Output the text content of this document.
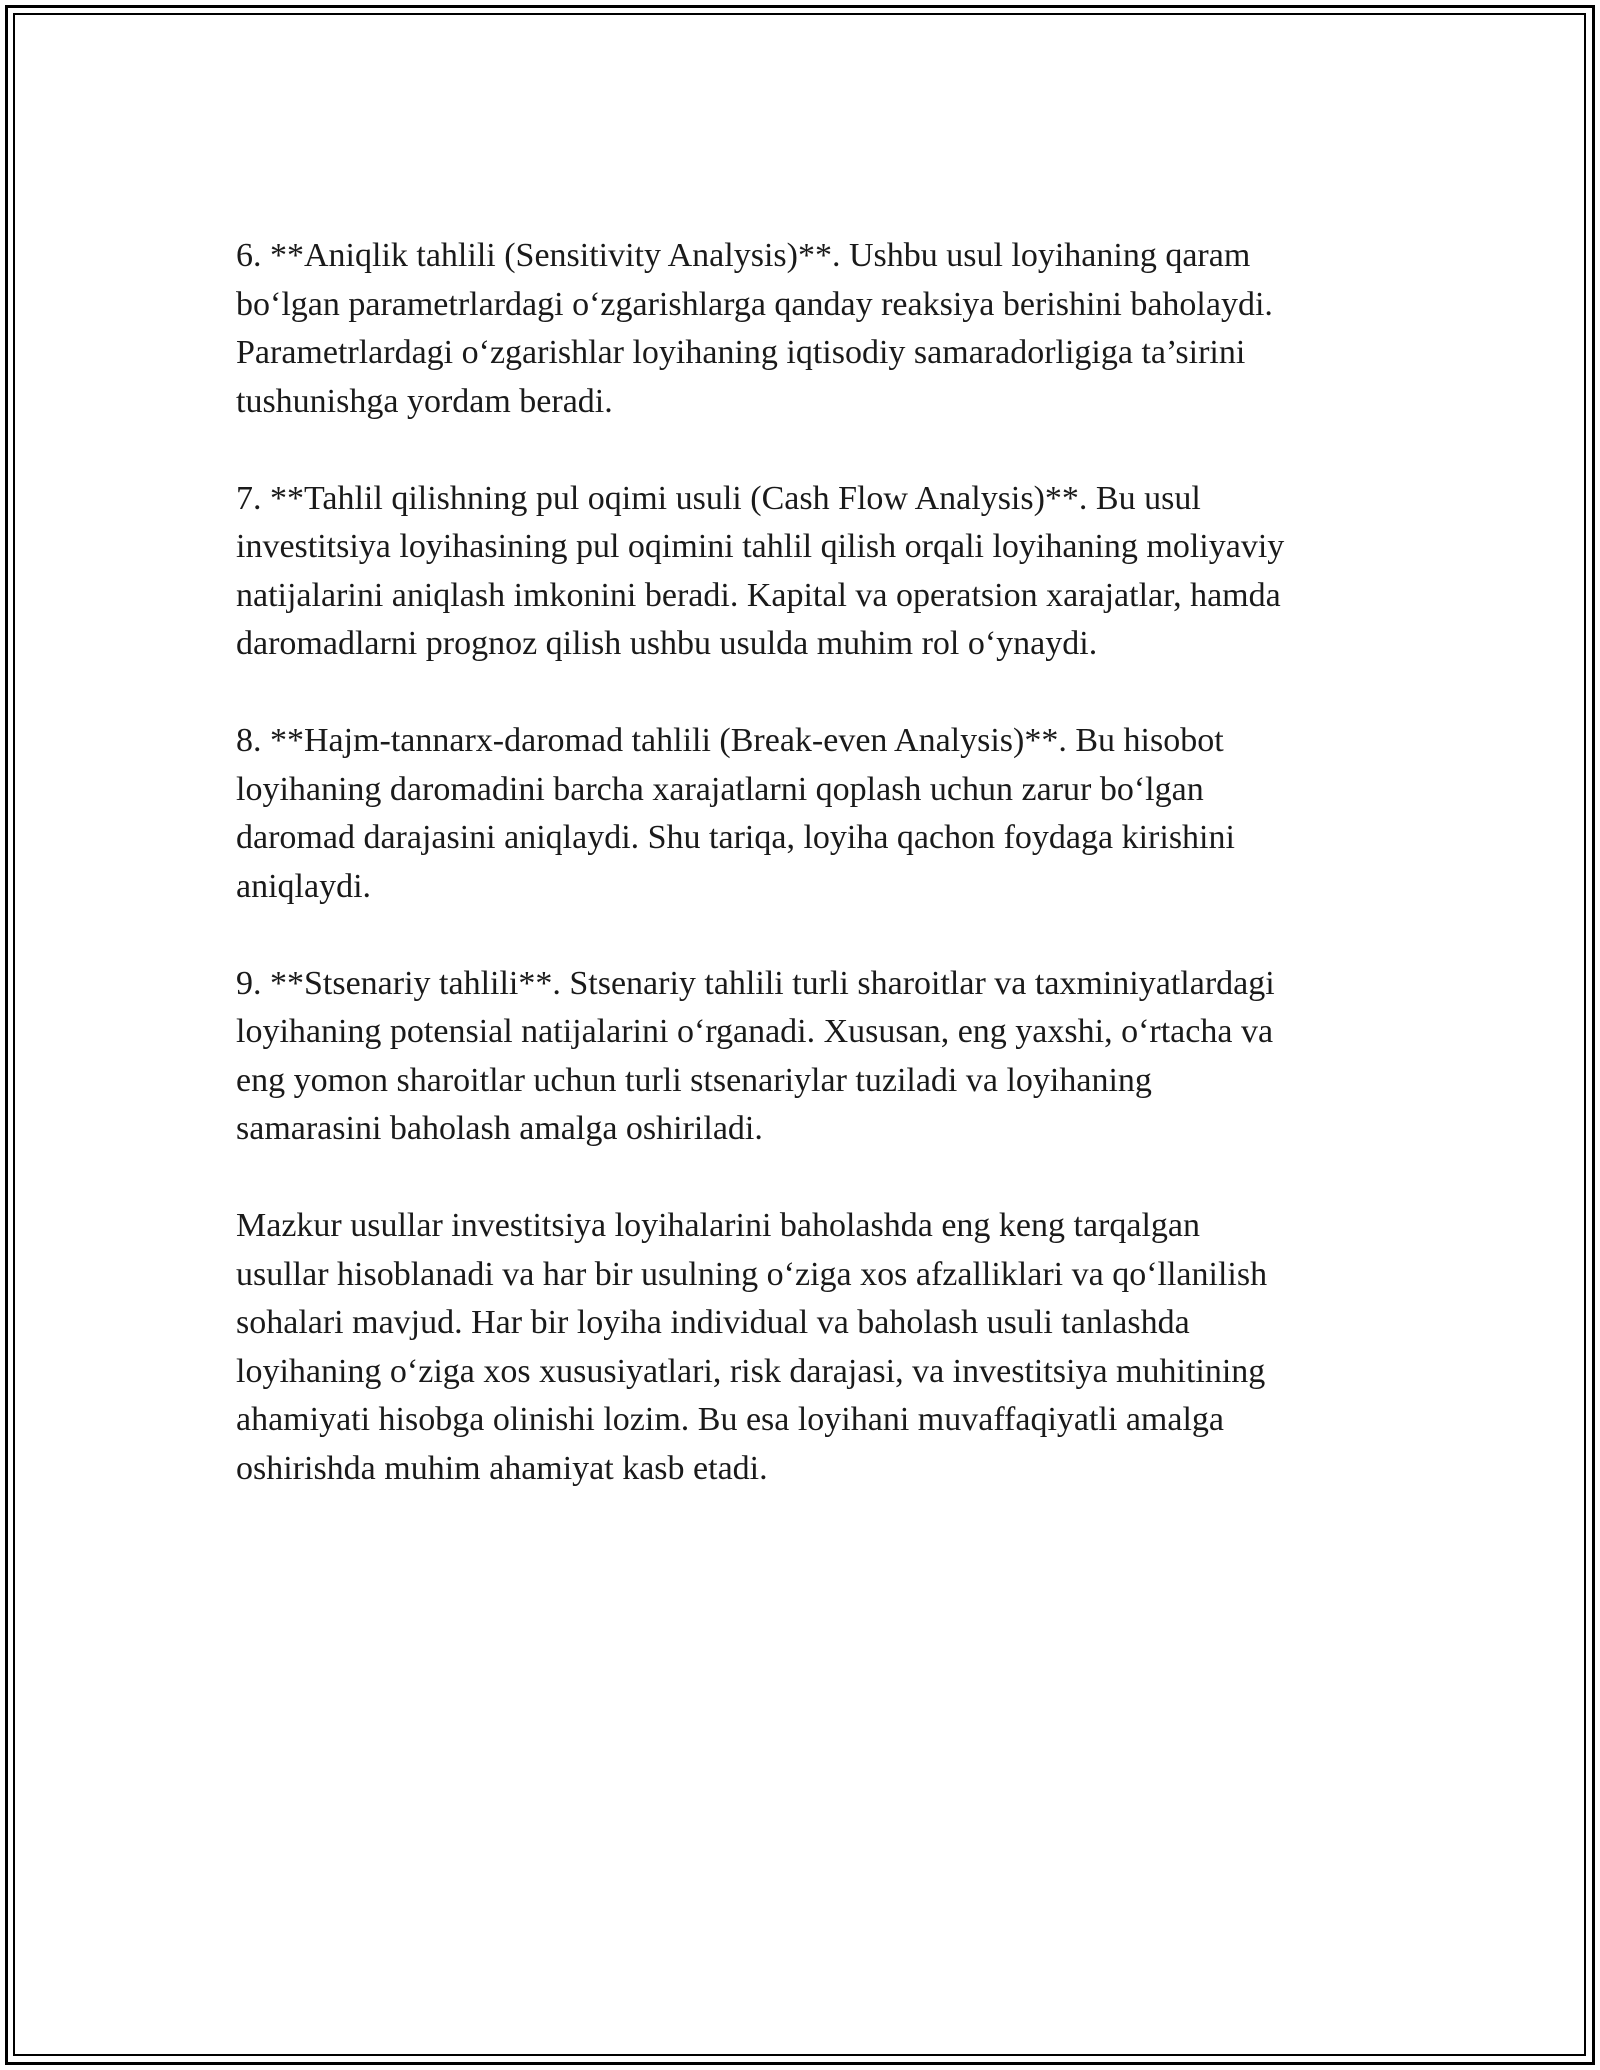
6. **Aniqlik tahlili (Sensitivity Analysis)**. Ushbu usul loyihaning qaram
bo‘lgan parametrlardagi o‘zgarishlarga qanday reaksiya berishini baholaydi.
Parametrlardagi o‘zgarishlar loyihaning iqtisodiy samaradorligiga ta’sirini
tushunishga yordam beradi.

7. **Tahlil qilishning pul oqimi usuli (Cash Flow Analysis)**. Bu usul
investitsiya loyihasining pul oqimini tahlil qilish orqali loyihaning moliyaviy
natijalarini aniqlash imkonini beradi. Kapital va operatsion xarajatlar, hamda
daromadlarni prognoz qilish ushbu usulda muhim rol o‘ynaydi.

8. **Hajm-tannarx-daromad tahlili (Break-even Analysis)**. Bu hisobot
loyihaning daromadini barcha xarajatlarni qoplash uchun zarur bo‘lgan
daromad darajasini aniqlaydi. Shu tariqa, loyiha qachon foydaga kirishini
aniqlaydi.

9. **Stsenariy tahlili**. Stsenariy tahlili turli sharoitlar va taxminiyatlardagi
loyihaning potensial natijalarini o‘rganadi. Xususan, eng yaxshi, o‘rtacha va
eng yomon sharoitlar uchun turli stsenariylar tuziladi va loyihaning
samarasini baholash amalga oshiriladi.

Mazkur usullar investitsiya loyihalarini baholashda eng keng tarqalgan
usullar hisoblanadi va har bir usulning o‘ziga xos afzalliklari va qo‘llanilish
sohalari mavjud. Har bir loyiha individual va baholash usuli tanlashda
loyihaning o‘ziga xos xususiyatlari, risk darajasi, va investitsiya muhitining
ahamiyati hisobga olinishi lozim. Bu esa loyihani muvaffaqiyatli amalga
oshirishda muhim ahamiyat kasb etadi.
